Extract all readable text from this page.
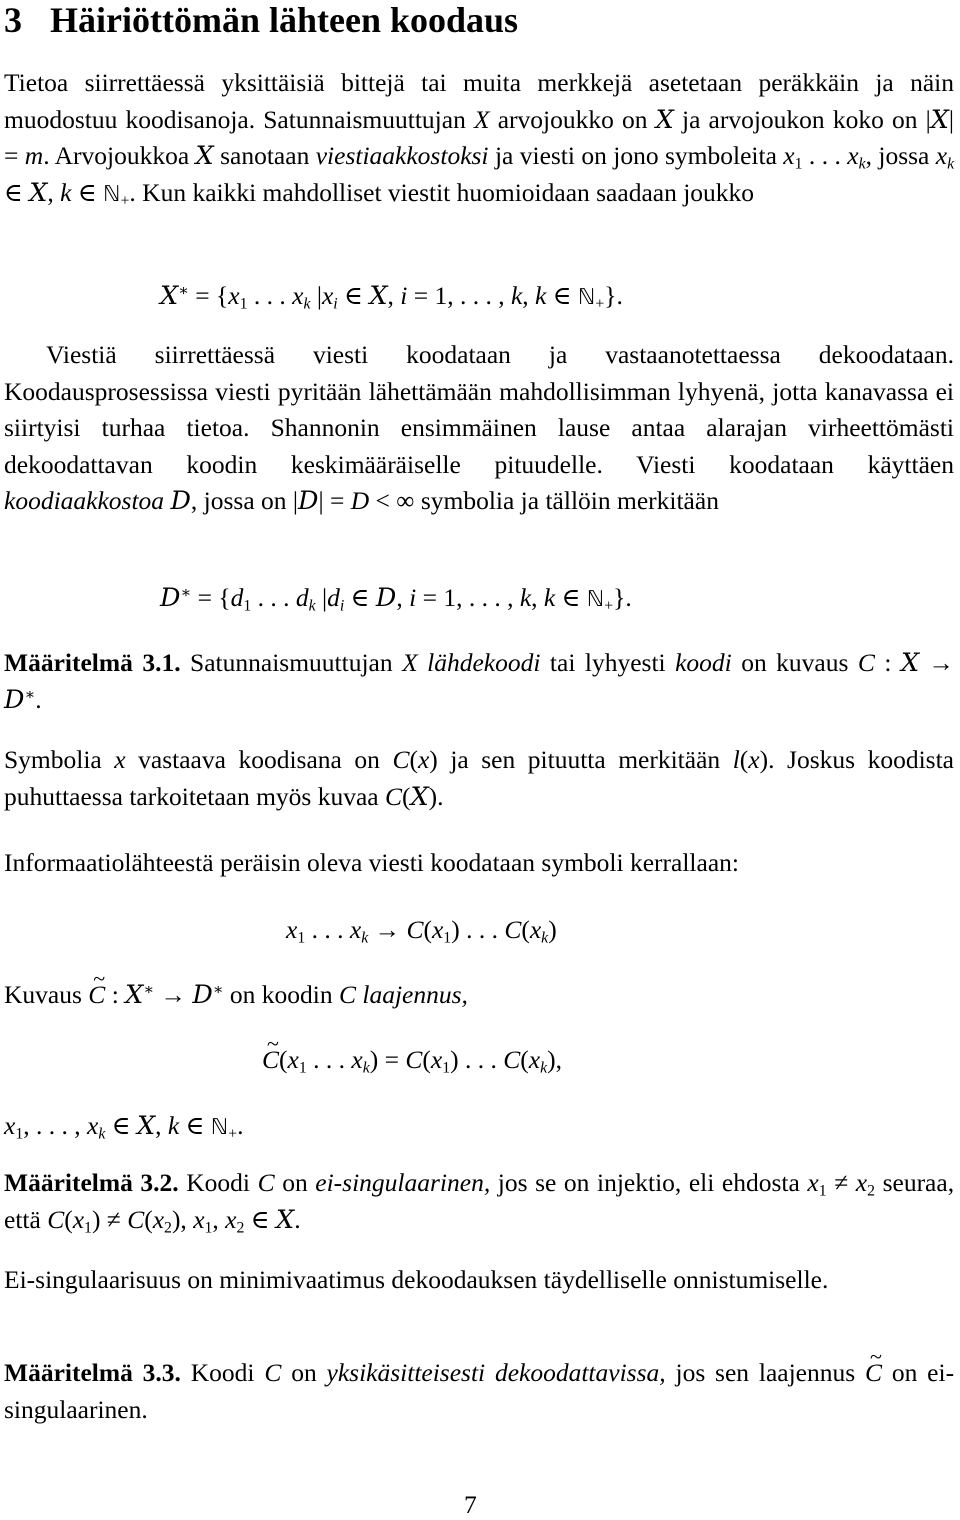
3 Häiriöttömän lähteen koodaus

Tietoa siirrettäessä yksittäisiä bittejä tai muita merkkejä asetetaan peräkkäin ja näin muodostuu koodisanoja. Satunnaismuuttujan X arvojoukko on X ja arvojoukon koko on |X| = m. Arvojoukkoa X sanotaan viestiaakkostoksi ja viesti on jono symboleita $x_1$ . . . $x_k$, jossa $x_k$ ∈ X, k ∈ ℕ$_+$. Kun kaikki mahdolliset viestit huomioidaan saadaan joukko

$X^∗ = \{x_1$ . . . $x_k$ $|x_i$ ∈ X, i = 1, . . . , k, k ∈ ℕ$_+$}.

Viestiä siirrettäessä viesti koodataan ja vastaanotettaessa dekoodataan. Koodausprosessissa viesti pyritään lähettämään mahdollisimman lyhyenä, jotta kanavassa ei siirtyisi turhaa tietoa. Shannonin ensimmäinen lause antaa alarajan virheettömästi dekoodattavan koodin keskimääräiselle pituudelle. Viesti koodataan käyttäen koodiaakkostoa D, jossa on |D| = D < ∞ symbolia ja tällöin merkitään

$D^∗ = \{d_1$ . . . $d_k$ $|d_i$ ∈ D, i = 1, . . . , k, k ∈ ℕ$_+$}.

Määritelmä 3.1. Satunnaismuuttujan X lähdekoodi tai lyhyesti koodi on kuvaus C : X → D∗.

Symbolia x vastaava koodisana on C(x) ja sen pituutta merkitään l(x). Joskus koodista puhuttaessa tarkoitetaan myös kuvaa C(X).

Informaatiolähteestä peräisin oleva viesti koodataan symboli kerrallaan:

$x_1$ . . . $x_k \to C(x_1)$ . . . $C(x_k)$

Kuvaus ~ C : X∗ → D∗ on koodin C laajennus,

~ $C(x_1$ . . . $x_k) = C(x_1)$ . . . $C(x_k)$,
$x_1$, . . . , $x_k$ ∈ X, k ∈ ℕ$_+$.

Määritelmä 3.2. Koodi C on ei-singulaarinen, jos se on injektio, eli ehdosta $x_1 \ne x_2$ seuraa, että $C(x_1) \ne C(x_2)$, $x_1$, $x_2$ ∈ X.

Ei-singulaarisuus on minimivaatimus dekoodauksen täydelliselle onnistumiselle.

Määritelmä 3.3. Koodi C on yksikäsitteisesti dekoodattavissa, jos sen laajennus ~ C on ei-singulaarinen.

7
